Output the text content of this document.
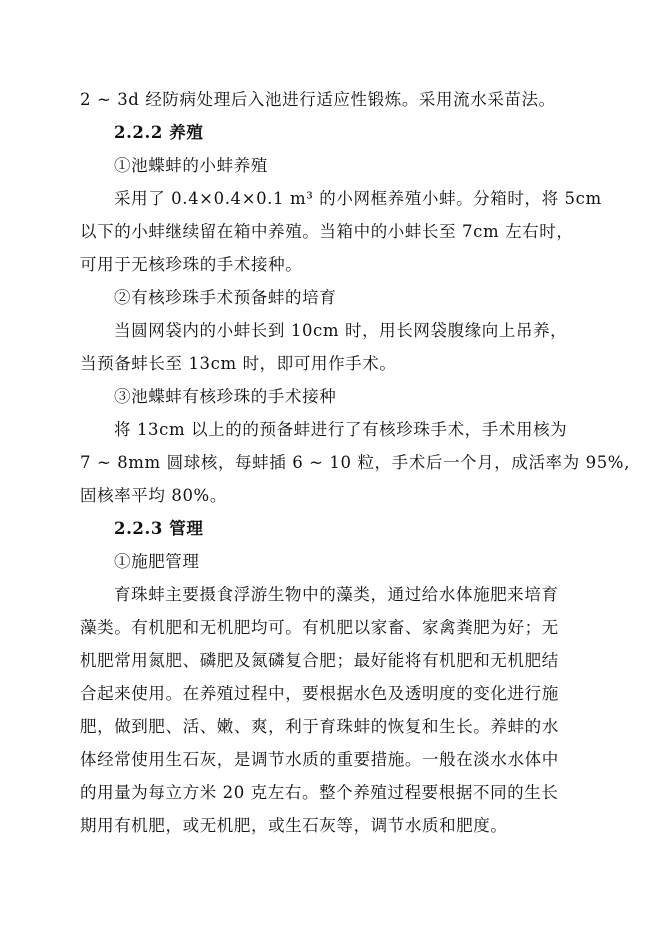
2 ~ 3d 经防病处理后入池进行适应性锻炼。采用流水采苗法。
2.2.2 养殖
①池蝶蚌的小蚌养殖
采用了 0.4×0.4×0.1 m³ 的小网框养殖小蚌。分箱时，将 5cm
以下的小蚌继续留在箱中养殖。当箱中的小蚌长至 7cm 左右时，
可用于无核珍珠的手术接种。
②有核珍珠手术预备蚌的培育
当圆网袋内的小蚌长到 10cm 时，用长网袋腹缘向上吊养，
当预备蚌长至 13cm 时，即可用作手术。
③池蝶蚌有核珍珠的手术接种
将 13cm 以上的的预备蚌进行了有核珍珠手术，手术用核为
7 ~ 8mm 圆球核，每蚌插 6 ~ 10 粒，手术后一个月，成活率为 95%,
固核率平均 80%。
2.2.3 管理
①施肥管理
育珠蚌主要摄食浮游生物中的藻类，通过给水体施肥来培育
藻类。有机肥和无机肥均可。有机肥以家畜、家禽粪肥为好；无
机肥常用氮肥、磷肥及氮磷复合肥；最好能将有机肥和无机肥结
合起来使用。在养殖过程中，要根据水色及透明度的变化进行施
肥，做到肥、活、嫩、爽，利于育珠蚌的恢复和生长。养蚌的水
体经常使用生石灰，是调节水质的重要措施。一般在淡水水体中
的用量为每立方米 20 克左右。整个养殖过程要根据不同的生长
期用有机肥，或无机肥，或生石灰等，调节水质和肥度。
